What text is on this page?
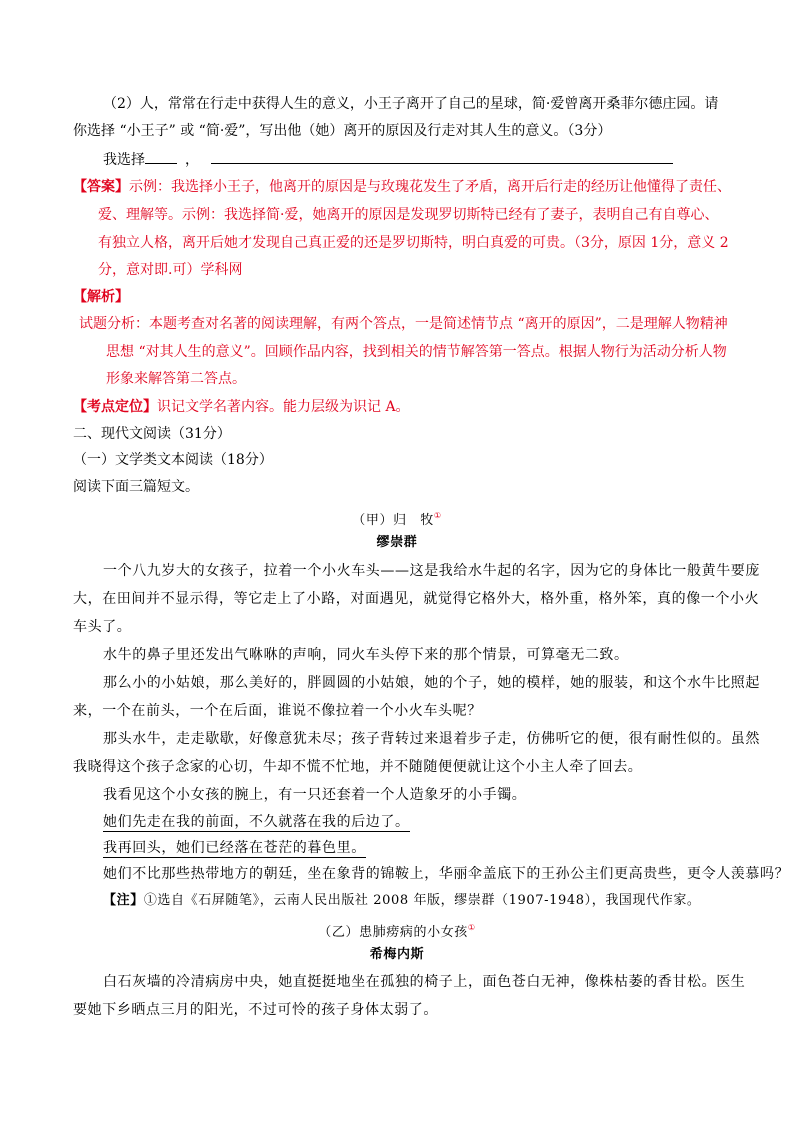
（2）人，常常在行走中获得人生的意义，小王子离开了自己的星球，简·爱曾离开桑菲尔德庄园。请
你选择 “小王子” 或 “简·爱”，写出他（她）离开的原因及行走对其人生的意义。（3分）
我选择	，
【答案】示例：我选择小王子，他离开的原因是与玫瑰花发生了矛盾，离开后行走的经历让他懂得了责任、
爱、理解等。示例：我选择简·爱，她离开的原因是发现罗切斯特已经有了妻子，表明自己有自尊心、
有独立人格，离开后她才发现自己真正爱的还是罗切斯特，明白真爱的可贵。（3分，原因 1分，意义 2
分，意对即.可）学科网
【解析】
试题分析：本题考查对名著的阅读理解，有两个答点，一是简述情节点 “离开的原因”，二是理解人物精神
思想 “对其人生的意义”。回顾作品内容，找到相关的情节解答第一答点。根据人物行为活动分析人物
形象来解答第二答点。
【考点定位】识记文学名著内容。能力层级为识记 A。
二、现代文阅读（31分）
（一）文学类文本阅读（18分）
阅读下面三篇短文。
（甲）归　牧①
缪崇群
一个八九岁大的女孩子，拉着一个小火车头——这是我给水牛起的名字，因为它的身体比一般黄牛要庞
大，在田间并不显示得，等它走上了小路，对面遇见，就觉得它格外大，格外重，格外笨，真的像一个小火
车头了。
水牛的鼻子里还发出气咻咻的声响，同火车头停下来的那个情景，可算毫无二致。
那么小的小姑娘，那么美好的，胖圆圆的小姑娘，她的个子，她的模样，她的服装，和这个水牛比照起
来，一个在前头，一个在后面，谁说不像拉着一个小火车头呢？
那头水牛，走走歇歇，好像意犹未尽；孩子背转过来退着步子走，仿佛听它的便，很有耐性似的。虽然
我晓得这个孩子念家的心切，牛却不慌不忙地，并不随随便便就让这个小主人牵了回去。
我看见这个小女孩的腕上，有一只还套着一个人造象牙的小手镯。
她们先走在我的前面，不久就落在我的后边了。
我再回头，她们已经落在苍茫的暮色里。
她们不比那些热带地方的朝廷，坐在象背的锦鞍上，华丽伞盖底下的王孙公主们更高贵些，更令人羡慕吗？
【注】①选自《石屏随笔》，云南人民出版社 2008 年版，缪崇群（1907-1948），我国现代作家。
（乙）患肺痨病的小女孩①
希梅内斯
白石灰墙的冷清病房中央，她直挺挺地坐在孤独的椅子上，面色苍白无神，像株枯萎的香甘松。医生
要她下乡晒点三月的阳光，不过可怜的孩子身体太弱了。
